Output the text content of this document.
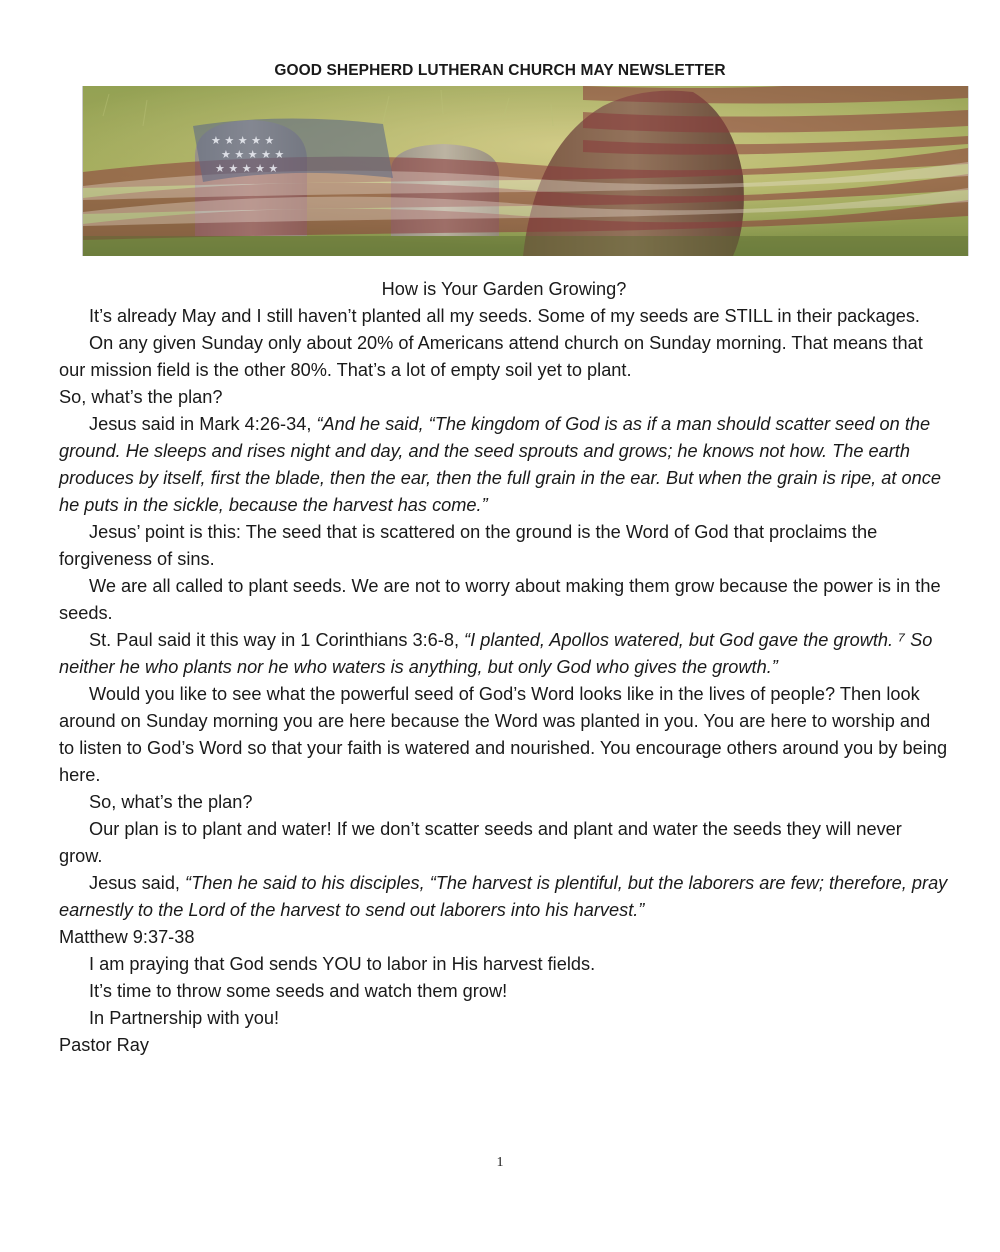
GOOD SHEPHERD LUTHERAN CHURCH MAY NEWSLETTER
★ ★ ★ ★ ★
★ ★ ★ ★ ★
★ ★ ★ ★ ★

How is Your Garden Growing?

It’s already May and I still haven’t planted all my seeds. Some of my seeds are STILL in their packages.

On any given Sunday only about 20% of Americans attend church on Sunday morning. That means that our mission field is the other 80%. That’s a lot of empty soil yet to plant.

So, what’s the plan?

Jesus said in Mark 4:26-34, “And he said, “The kingdom of God is as if a man should scatter seed on the ground. He sleeps and rises night and day, and the seed sprouts and grows; he knows not how. The earth produces by itself, first the blade, then the ear, then the full grain in the ear. But when the grain is ripe, at once he puts in the sickle, because the harvest has come.”

Jesus’ point is this: The seed that is scattered on the ground is the Word of God that proclaims the forgiveness of sins.

We are all called to plant seeds. We are not to worry about making them grow because the power is in the seeds.

St. Paul said it this way in 1 Corinthians 3:6-8, “I planted, Apollos watered, but God gave the growth. ⁷ So neither he who plants nor he who waters is anything, but only God who gives the growth.”

Would you like to see what the powerful seed of God’s Word looks like in the lives of people? Then look around on Sunday morning you are here because the Word was planted in you. You are here to worship and to listen to God’s Word so that your faith is watered and nourished. You encourage others around you by being here.

So, what’s the plan?

Our plan is to plant and water! If we don’t scatter seeds and plant and water the seeds they will never grow.

Jesus said, “Then he said to his disciples, “The harvest is plentiful, but the laborers are few; therefore, pray earnestly to the Lord of the harvest to send out laborers into his harvest.”
Matthew 9:37-38

I am praying that God sends YOU to labor in His harvest fields.

It’s time to throw some seeds and watch them grow!

In Partnership with you!

Pastor Ray

1
